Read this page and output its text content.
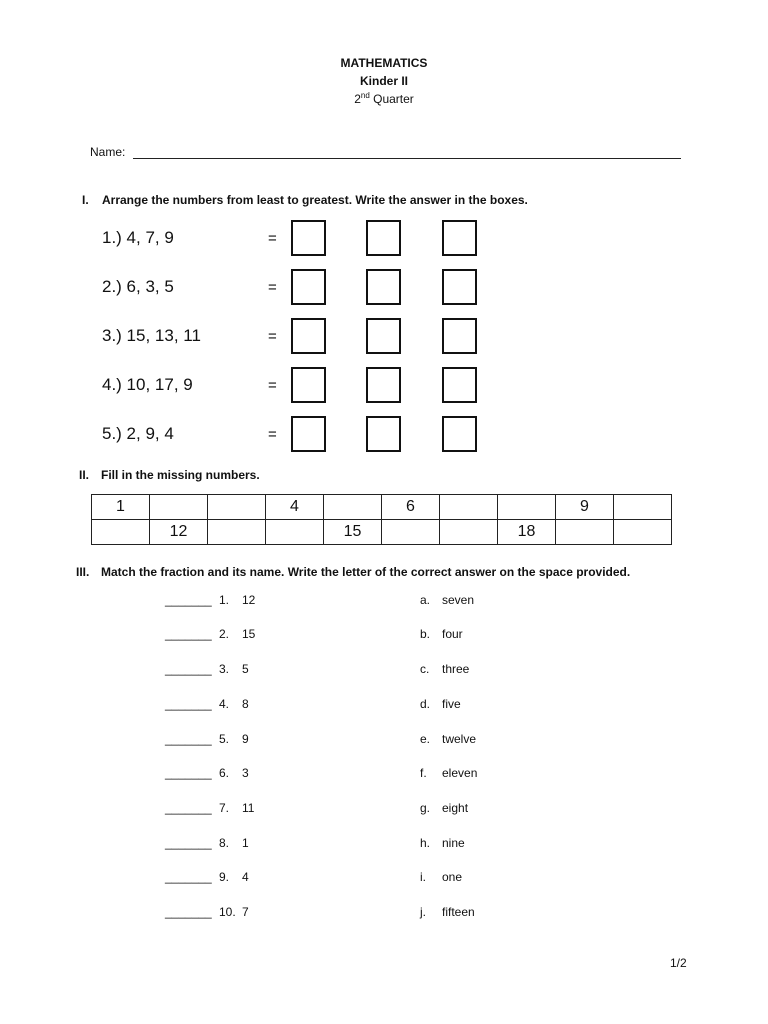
MATHEMATICS
Kinder II
2nd Quarter
Name:
I. Arrange the numbers from least to greatest. Write the answer in the boxes.
1.) 4, 7, 9	=
2.) 6, 3, 5	=
3.) 15, 13, 11	=
4.) 10, 17, 9	=
5.) 2, 9, 4	=
II. Fill in the missing numbers.
1			4		6			9	
	12			15			18		
III. Match the fraction and its name. Write the letter of the correct answer on the space provided.
_______ 1. 12	a. seven
_______ 2. 15	b. four
_______ 3. 5	c. three
_______ 4. 8	d. five
_______ 5. 9	e. twelve
_______ 6. 3	f. eleven
_______ 7. 11	g. eight
_______ 8. 1	h. nine
_______ 9. 4	i. one
_______ 10. 7	j. fifteen
1/2
